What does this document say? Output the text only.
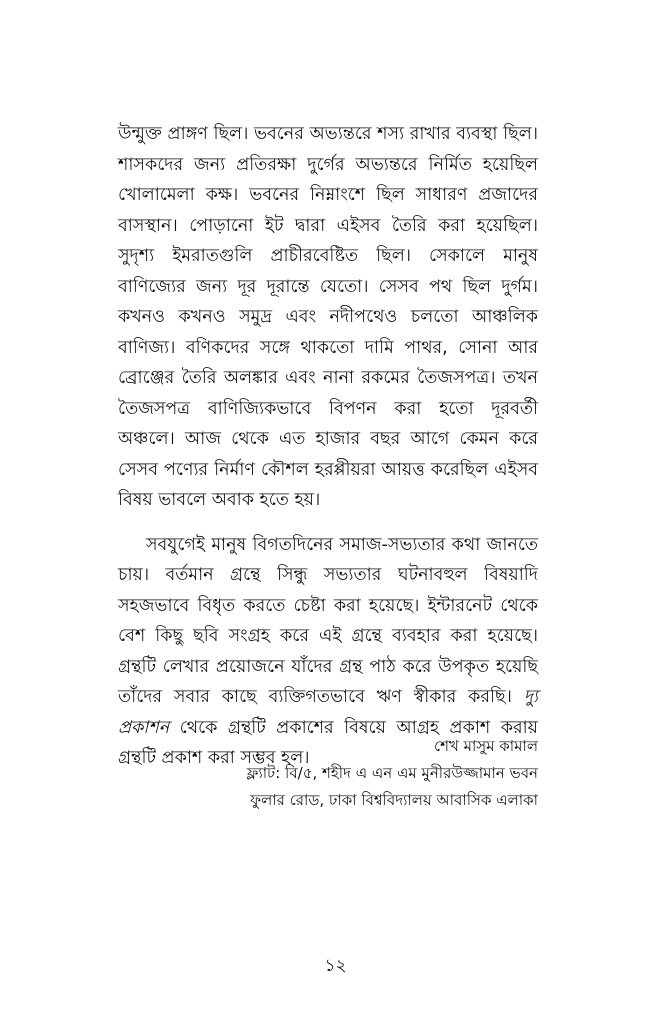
উন্মুক্ত প্রাঙ্গণ ছিল। ভবনের অভ্যন্তরে শস্য রাখার ব্যবস্থা ছিল। শাসকদের জন্য প্রতিরক্ষা দুর্গের অভ্যন্তরে নির্মিত হয়েছিল খোলামেলা কক্ষ। ভবনের নিম্নাংশে ছিল সাধারণ প্রজাদের বাসস্থান। পোড়ানো ইট দ্বারা এইসব তৈরি করা হয়েছিল। সুদৃশ্য ইমরাতগুলি প্রাচীরবেষ্টিত ছিল। সেকালে মানুষ বাণিজ্যের জন্য দূর দূরান্তে যেতো। সেসব পথ ছিল দুর্গম। কখনও কখনও সমুদ্র এবং নদীপথেও চলতো আঞ্চলিক বাণিজ্য। বণিকদের সঙ্গে থাকতো দামি পাথর, সোনা আর ব্রোঞ্জের তৈরি অলঙ্কার এবং নানা রকমের তৈজসপত্র। তখন তৈজসপত্র বাণিজ্যিকভাবে বিপণন করা হতো দূরবর্তী অঞ্চলে। আজ থেকে এত হাজার বছর আগে কেমন করে সেসব পণ্যের নির্মাণ কৌশল হরপ্পীয়রা আয়ত্ত করেছিল এইসব বিষয় ভাবলে অবাক হতে হয়।

সবযুগেই মানুষ বিগতদিনের সমাজ-সভ্যতার কথা জানতে চায়। বর্তমান গ্রন্থে সিন্ধু সভ্যতার ঘটনাবহুল বিষয়াদি সহজভাবে বিধৃত করতে চেষ্টা করা হয়েছে। ইন্টারনেট থেকে বেশ কিছু ছবি সংগ্রহ করে এই গ্রন্থে ব্যবহার করা হয়েছে। গ্রন্থটি লেখার প্রয়োজনে যাঁদের গ্রন্থ পাঠ করে উপকৃত হয়েছি তাঁদের সবার কাছে ব্যক্তিগতভাবে ঋণ স্বীকার করছি। দ্যু প্রকাশন থেকে গ্রন্থটি প্রকাশের বিষয়ে আগ্রহ প্রকাশ করায় গ্রন্থটি প্রকাশ করা সম্ভব হল।

শেখ মাসুম কামাল
ফ্ল্যাট: বি/৫, শহীদ এ এন এম মুনীরউজ্জামান ভবন
ফুলার রোড, ঢাকা বিশ্ববিদ্যালয় আবাসিক এলাকা
১২
